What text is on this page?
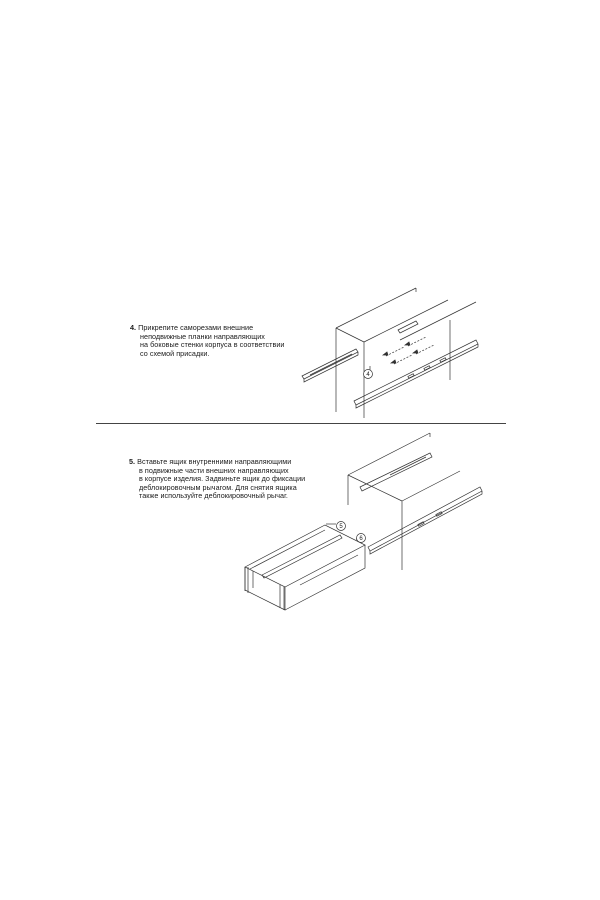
4. Прикрепите саморезами внешние
неподвижные планки направляющих
на боковые стенки корпуса в соответствии
со схемой присадки.
4
5. Вставьте ящик внутренними направляющими
в подвижные части внешних направляющих
в корпусе изделия. Задвиньте ящик до фиксации
деблокировочным рычагом. Для снятия ящика
также используйте деблокировочный рычаг.
5
6
